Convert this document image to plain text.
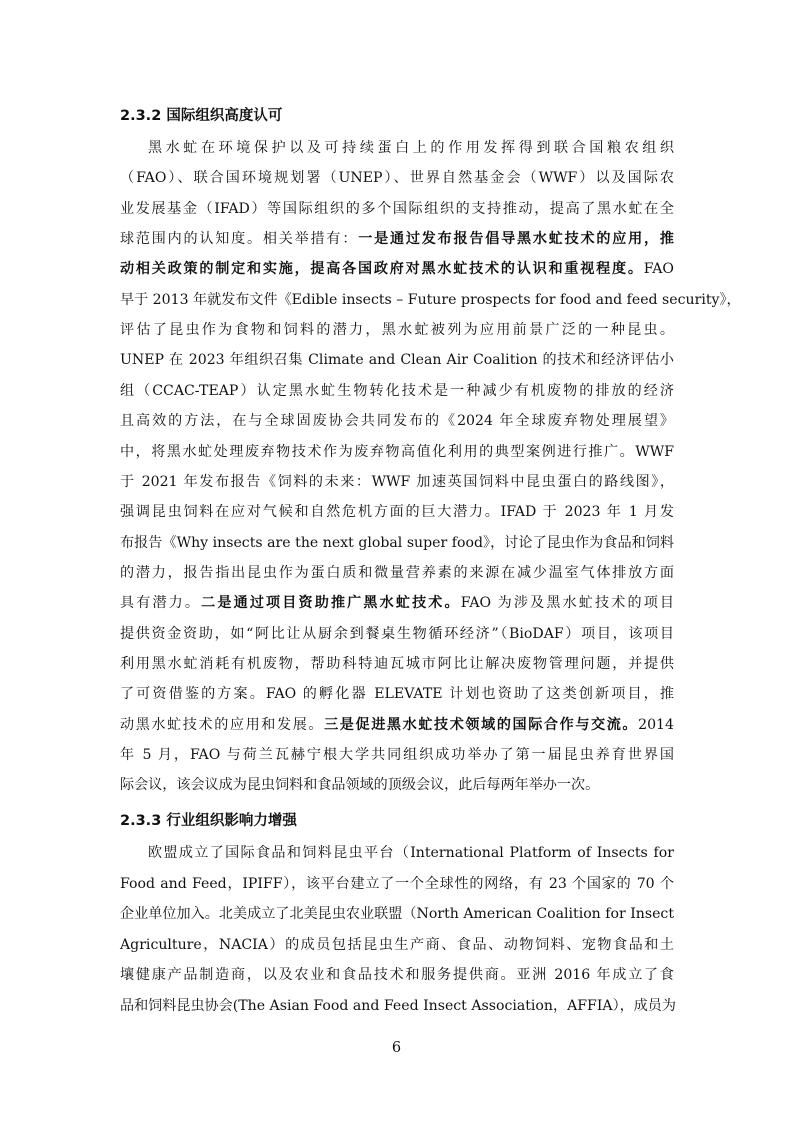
2.3.2 国际组织高度认可
黑水虻在环境保护以及可持续蛋白上的作用发挥得到联合国粮农组织
（FAO）、联合国环境规划署（UNEP）、世界自然基金会（WWF）以及国际农
业发展基金（IFAD）等国际组织的多个国际组织的支持推动，提高了黑水虻在全
球范围内的认知度。相关举措有：一是通过发布报告倡导黑水虻技术的应用，推
动相关政策的制定和实施，提高各国政府对黑水虻技术的认识和重视程度。FAO
早于 2013 年就发布文件《Edible insects – Future prospects for food and feed security》，
评估了昆虫作为食物和饲料的潜力，黑水虻被列为应用前景广泛的一种昆虫。
UNEP 在 2023 年组织召集 Climate and Clean Air Coalition 的技术和经济评估小
组（CCAC-TEAP）认定黑水虻生物转化技术是一种减少有机废物的排放的经济
且高效的方法，在与全球固废协会共同发布的《2024 年全球废弃物处理展望》
中，将黑水虻处理废弃物技术作为废弃物高值化利用的典型案例进行推广。WWF
于 2021 年发布报告《饲料的未来：WWF 加速英国饲料中昆虫蛋白的路线图》，
强调昆虫饲料在应对气候和自然危机方面的巨大潜力。IFAD 于 2023 年 1 月发
布报告《Why insects are the next global super food》，讨论了昆虫作为食品和饲料
的潜力，报告指出昆虫作为蛋白质和微量营养素的来源在减少温室气体排放方面
具有潜力。二是通过项目资助推广黑水虻技术。FAO 为涉及黑水虻技术的项目
提供资金资助，如“阿比让从厨余到餐桌生物循环经济”（BioDAF）项目，该项目
利用黑水虻消耗有机废物，帮助科特迪瓦城市阿比让解决废物管理问题，并提供
了可资借鉴的方案。FAO 的孵化器 ELEVATE 计划也资助了这类创新项目，推
动黑水虻技术的应用和发展。三是促进黑水虻技术领域的国际合作与交流。2014
年 5 月，FAO 与荷兰瓦赫宁根大学共同组织成功举办了第一届昆虫养育世界国
际会议，该会议成为昆虫饲料和食品领域的顶级会议，此后每两年举办一次。
2.3.3 行业组织影响力增强
欧盟成立了国际食品和饲料昆虫平台（International Platform of Insects for
Food and Feed，IPIFF），该平台建立了一个全球性的网络，有 23 个国家的 70 个
企业单位加入。北美成立了北美昆虫农业联盟（North American Coalition for Insect
Agriculture，NACIA）的成员包括昆虫生产商、食品、动物饲料、宠物食品和土
壤健康产品制造商，以及农业和食品技术和服务提供商。亚洲 2016 年成立了食
品和饲料昆虫协会(The Asian Food and Feed Insect Association，AFFIA），成员为
6
